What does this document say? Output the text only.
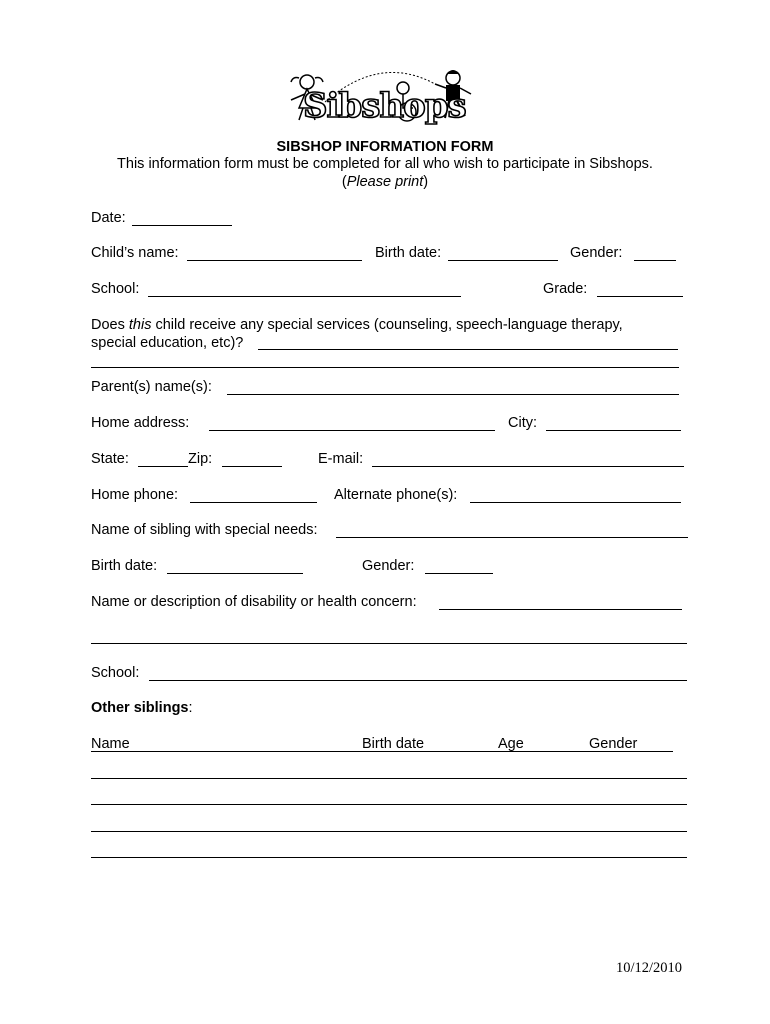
Sibshops
SIBSHOP INFORMATION FORM
This information form must be completed for all who wish to participate in Sibshops.
(Please print)
Date:
Child’s name:	Birth date:	Gender:
School:	Grade:
Does this child receive any special services (counseling, speech-language therapy,
special education, etc)?
Parent(s) name(s):
Home address:	City:
State:	Zip:	E-mail:
Home phone:	Alternate phone(s):
Name of sibling with special needs:
Birth date:	Gender:
Name or description of disability or health concern:
School:
Other siblings:
Name	Birth date	Age	Gender
10/12/2010
